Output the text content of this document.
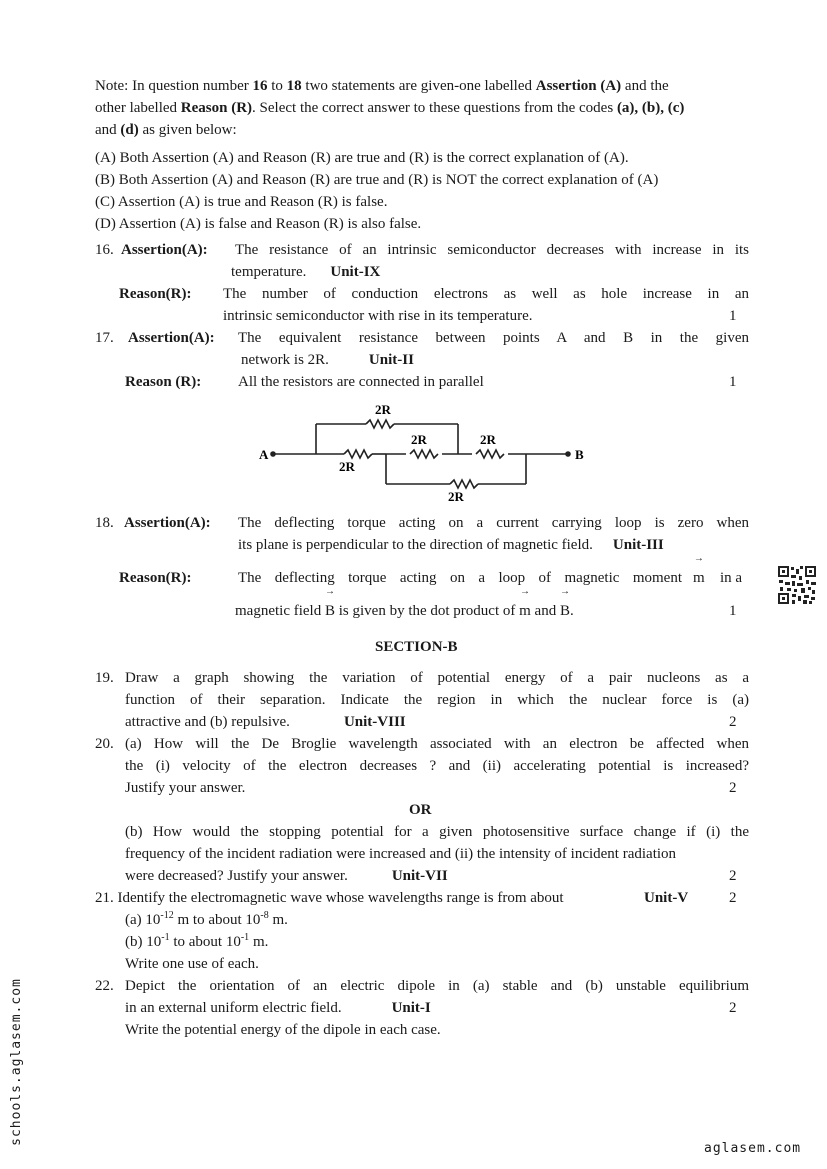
Note: In question number 16 to 18 two statements are given-one labelled Assertion (A) and the
other labelled Reason (R). Select the correct answer to these questions from the codes (a), (b), (c)
and (d) as given below:
(A) Both Assertion (A) and Reason (R) are true and (R) is the correct explanation of (A).
(B) Both Assertion (A) and Reason (R) are true and (R) is NOT the correct explanation of (A)
(C) Assertion (A) is true and Reason (R) is false.
(D) Assertion (A) is false and Reason (R) is also false.
16. Assertion(A): The resistance of an intrinsic semiconductor decreases with increase in its
temperature. Unit-IX
Reason(R): The number of conduction electrons as well as hole increase in an
intrinsic semiconductor with rise in its temperature.	1
17. Assertion(A): The equivalent resistance between points A and B in the given
network is 2R.	Unit-II
Reason (R): All the resistors are connected in parallel	1
A	B
2R
2R
2R	2R
2R
18. Assertion(A): The deflecting torque acting on a current carrying loop is zero when
its plane is perpendicular to the direction of magnetic field. Unit-III
Reason(R):	The deflecting torque acting on a loop of magnetic moment → m in a
magnetic field → B is given by the dot product of → m and → B.	1
SECTION-B
19. Draw a graph showing the variation of potential energy of a pair nucleons as a
function of their separation. Indicate the region in which the nuclear force is (a)
attractive and (b) repulsive.	Unit-VIII	2
20. (a) How will the De Broglie wavelength associated with an electron be affected when
the (i) velocity of the electron decreases ? and (ii) accelerating potential is increased?
Justify your answer.	2
OR
(b) How would the stopping potential for a given photosensitive surface change if (i) the
frequency of the incident radiation were increased and (ii) the intensity of incident radiation
were decreased? Justify your answer.	Unit-VII	2
21. Identify the electromagnetic wave whose wavelengths range is from about	Unit-V	2
(a) $10^{-12}$ m to about $10^{-8}$ m.
(b) $10^{-1}$ to about $10^{-1}$ m.
Write one use of each.
22. Depict the orientation of an electric dipole in (a) stable and (b) unstable equilibrium
in an external uniform electric field.	Unit-I	2
Write the potential energy of the dipole in each case.
schools.aglasem.com
aglasem.com
